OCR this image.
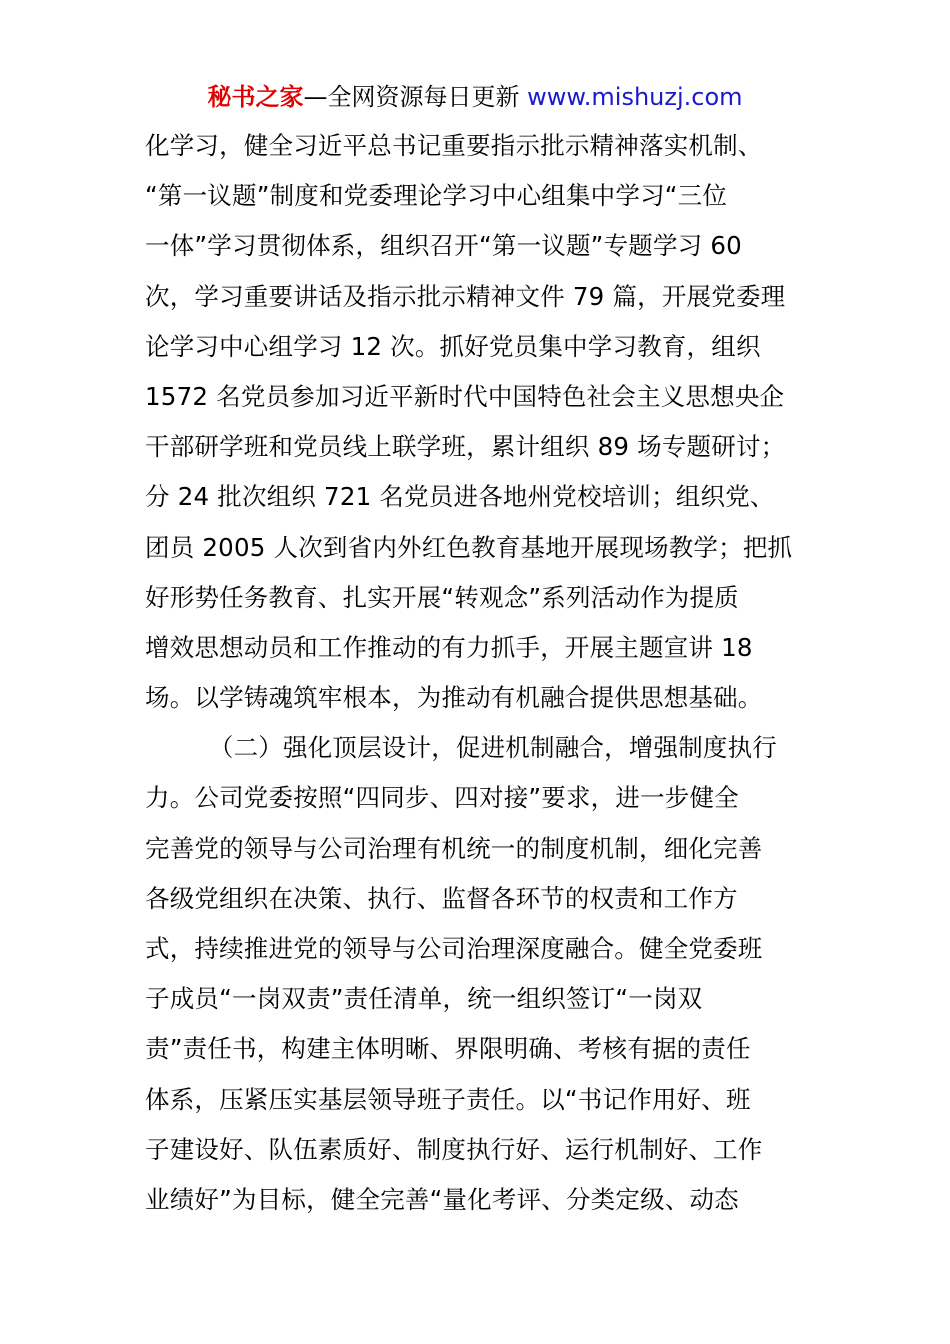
秘书之家—全网资源每日更新 www.mishuzj.com
化学习，健全习近平总书记重要指示批示精神落实机制、
“第一议题”制度和党委理论学习中心组集中学习“三位
一体”学习贯彻体系，组织召开“第一议题”专题学习 60
次，学习重要讲话及指示批示精神文件 79 篇，开展党委理
论学习中心组学习 12 次。抓好党员集中学习教育，组织
1572 名党员参加习近平新时代中国特色社会主义思想央企
干部研学班和党员线上联学班，累计组织 89 场专题研讨；
分 24 批次组织 721 名党员进各地州党校培训；组织党、
团员 2005 人次到省内外红色教育基地开展现场教学；把抓
好形势任务教育、扎实开展“转观念”系列活动作为提质
增效思想动员和工作推动的有力抓手，开展主题宣讲 18
场。以学铸魂筑牢根本，为推动有机融合提供思想基础。
（二）强化顶层设计，促进机制融合，增强制度执行
力。公司党委按照“四同步、四对接”要求，进一步健全
完善党的领导与公司治理有机统一的制度机制，细化完善
各级党组织在决策、执行、监督各环节的权责和工作方
式，持续推进党的领导与公司治理深度融合。健全党委班
子成员“一岗双责”责任清单，统一组织签订“一岗双
责”责任书，构建主体明晰、界限明确、考核有据的责任
体系，压紧压实基层领导班子责任。以“书记作用好、班
子建设好、队伍素质好、制度执行好、运行机制好、工作
业绩好”为目标，健全完善“量化考评、分类定级、动态
